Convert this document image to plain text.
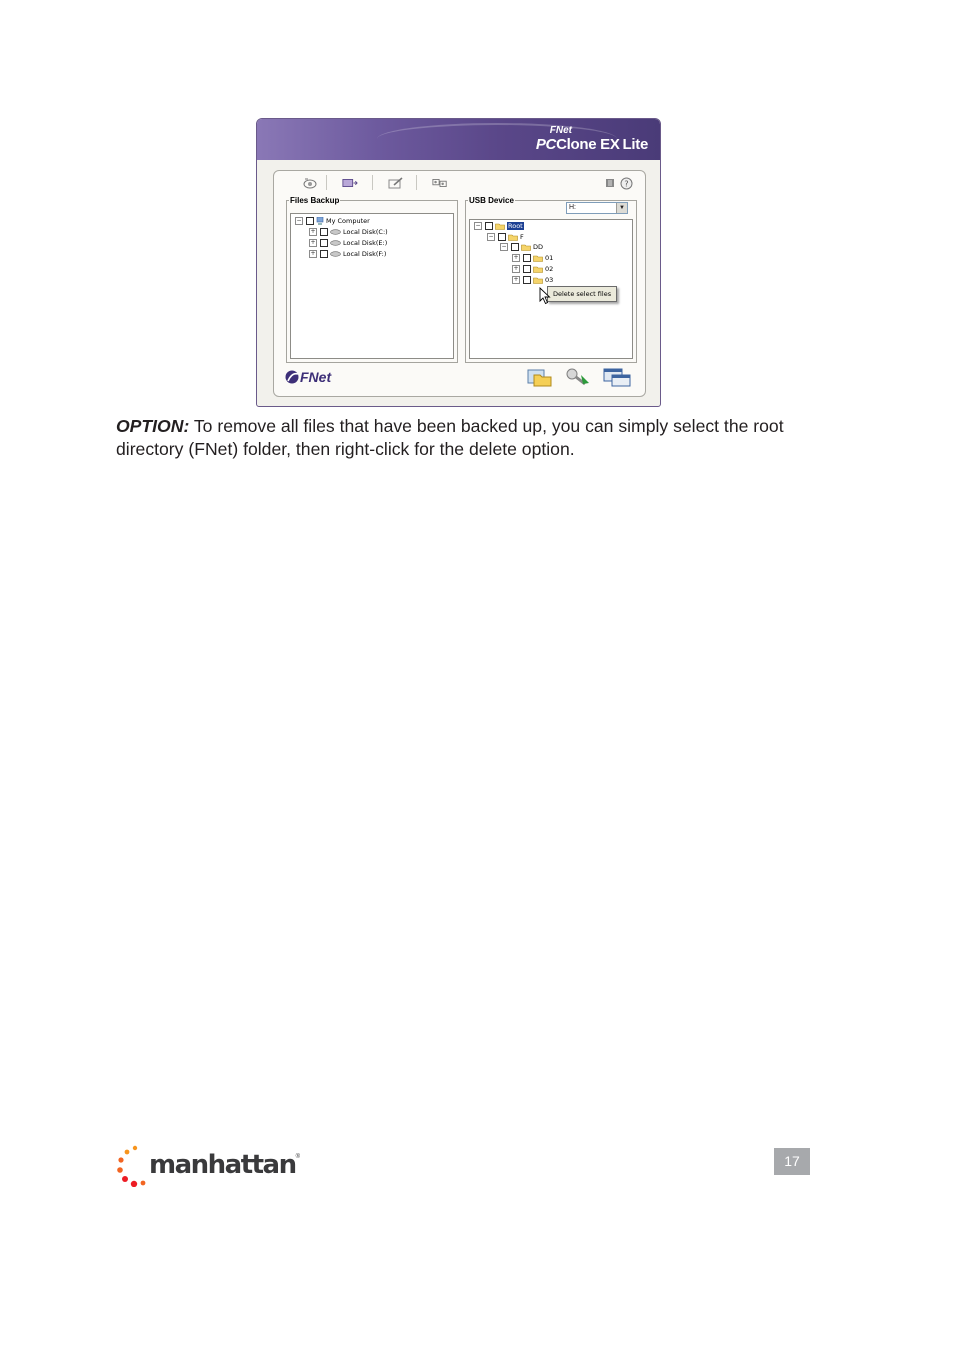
FNet
PCClone EX Lite
?
Files Backup
−	My Computer
+	Local Disk(C:)
+	Local Disk(E:)
+	Local Disk(F:)
USB Device
−	Root
−	F
−	DD
+	01
+	02
+	03
H:	▼
FNet
Delete select files

OPTION: To remove all files that have been backed up, you can simply select the root directory (FNet) folder, then right-click for the delete option.

manhattan ®	17
